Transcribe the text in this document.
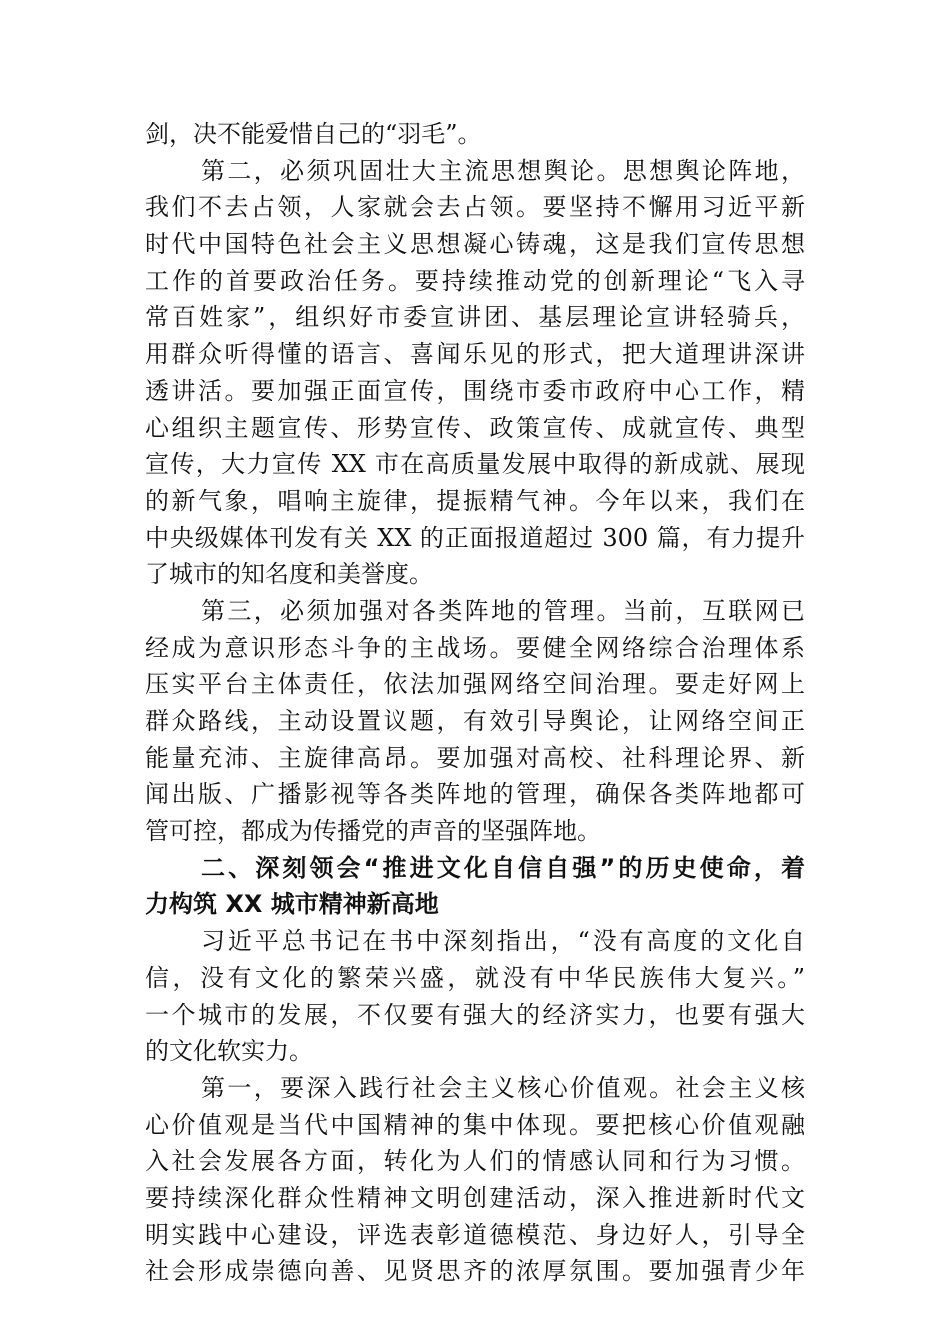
剑，决不能爱惜自己的“羽毛”。
第二，必须巩固壮大主流思想舆论。思想舆论阵地，
我们不去占领，人家就会去占领。要坚持不懈用习近平新
时代中国特色社会主义思想凝心铸魂，这是我们宣传思想
工作的首要政治任务。要持续推动党的创新理论“飞入寻
常百姓家”，组织好市委宣讲团、基层理论宣讲轻骑兵，
用群众听得懂的语言、喜闻乐见的形式，把大道理讲深讲
透讲活。要加强正面宣传，围绕市委市政府中心工作，精
心组织主题宣传、形势宣传、政策宣传、成就宣传、典型
宣传，大力宣传 XX 市在高质量发展中取得的新成就、展现
的新气象，唱响主旋律，提振精气神。今年以来，我们在
中央级媒体刊发有关 XX 的正面报道超过 300 篇，有力提升
了城市的知名度和美誉度。
第三，必须加强对各类阵地的管理。当前，互联网已
经成为意识形态斗争的主战场。要健全网络综合治理体系
压实平台主体责任，依法加强网络空间治理。要走好网上
群众路线，主动设置议题，有效引导舆论，让网络空间正
能量充沛、主旋律高昂。要加强对高校、社科理论界、新
闻出版、广播影视等各类阵地的管理，确保各类阵地都可
管可控，都成为传播党的声音的坚强阵地。
二、深刻领会“推进文化自信自强”的历史使命，着
力构筑 XX 城市精神新高地
习近平总书记在书中深刻指出，“没有高度的文化自
信，没有文化的繁荣兴盛，就没有中华民族伟大复兴。”
一个城市的发展，不仅要有强大的经济实力，也要有强大
的文化软实力。
第一，要深入践行社会主义核心价值观。社会主义核
心价值观是当代中国精神的集中体现。要把核心价值观融
入社会发展各方面，转化为人们的情感认同和行为习惯。
要持续深化群众性精神文明创建活动，深入推进新时代文
明实践中心建设，评选表彰道德模范、身边好人，引导全
社会形成崇德向善、见贤思齐的浓厚氛围。要加强青少年
